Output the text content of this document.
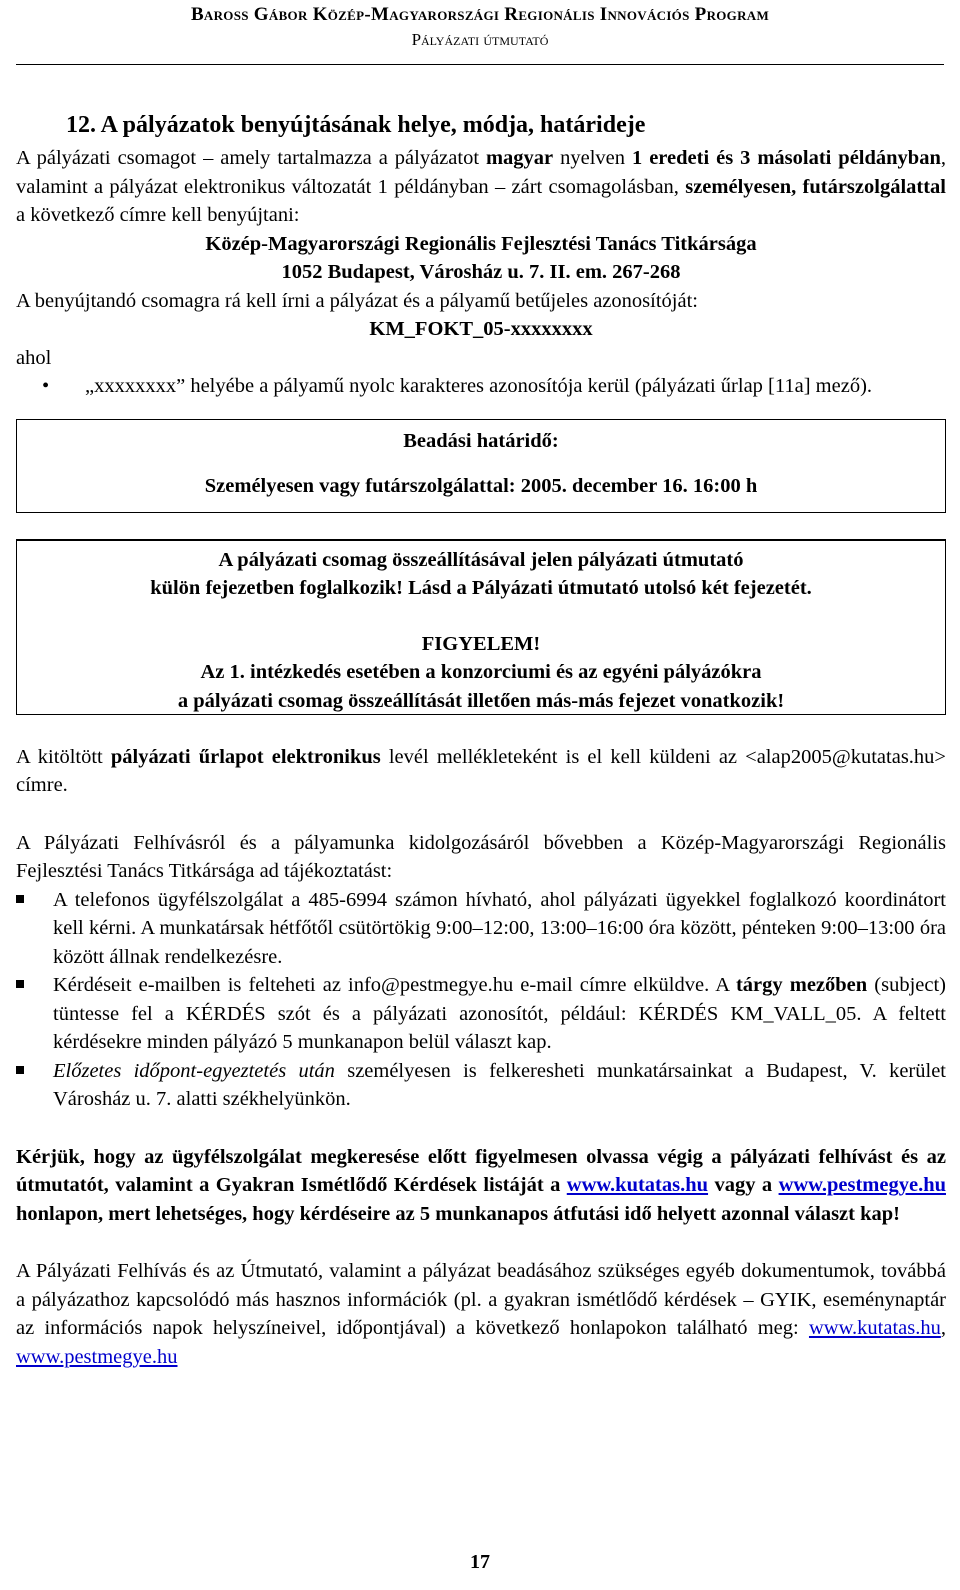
Baross Gábor Közép-Magyarországi Regionális Innovációs Program
Pályázati útmutató
12. A pályázatok benyújtásának helye, módja, határideje

A pályázati csomagot – amely tartalmazza a pályázatot magyar nyelven 1 eredeti és 3 másolati példányban, valamint a pályázat elektronikus változatát 1 példányban – zárt csomagolásban, személyesen, futárszolgálattal a következő címre kell benyújtani:

Közép-Magyarországi Regionális Fejlesztési Tanács Titkársága

1052 Budapest, Városház u. 7. II. em. 267-268

A benyújtandó csomagra rá kell írni a pályázat és a pályamű betűjeles azonosítóját:

KM_FOKT_05-xxxxxxxx

ahol

• „xxxxxxxx” helyébe a pályamű nyolc karakteres azonosítója kerül (pályázati űrlap [11a] mező).
Beadási határidő:
Személyesen vagy futárszolgálattal: 2005. december 16. 16:00 h
A pályázati csomag összeállításával jelen pályázati útmutató
külön fejezetben foglalkozik! Lásd a Pályázati útmutató utolsó két fejezetét.
FIGYELEM!
Az 1. intézkedés esetében a konzorciumi és az egyéni pályázókra
a pályázati csomag összeállítását illetően más-más fejezet vonatkozik!

A kitöltött pályázati űrlapot elektronikus levél mellékleteként is el kell küldeni az <alap2005@kutatas.hu> címre.

A Pályázati Felhívásról és a pályamunka kidolgozásáról bővebben a Közép-Magyarországi Regionális Fejlesztési Tanács Titkársága ad tájékoztatást:

A telefonos ügyfélszolgálat a 485-6994 számon hívható, ahol pályázati ügyekkel foglalkozó koordinátort kell kérni. A munkatársak hétfőtől csütörtökig 9:00–12:00, 13:00–16:00 óra között, pénteken 9:00–13:00 óra között állnak rendelkezésre.
Kérdéseit e-mailben is felteheti az info@pestmegye.hu e-mail címre elküldve. A tárgy mezőben (subject) tüntesse fel a KÉRDÉS szót és a pályázati azonosítót, például: KÉRDÉS KM_VALL_05. A feltett kérdésekre minden pályázó 5 munkanapon belül választ kap.
Előzetes időpont-egyeztetés után személyesen is felkeresheti munkatársainkat a Budapest, V. kerület Városház u. 7. alatti székhelyünkön.

Kérjük, hogy az ügyfélszolgálat megkeresése előtt figyelmesen olvassa végig a pályázati felhívást és az útmutatót, valamint a Gyakran Ismétlődő Kérdések listáját a www.kutatas.hu vagy a www.pestmegye.hu honlapon, mert lehetséges, hogy kérdéseire az 5 munkanapos átfutási idő helyett azonnal választ kap!

A Pályázati Felhívás és az Útmutató, valamint a pályázat beadásához szükséges egyéb dokumentumok, továbbá a pályázathoz kapcsolódó más hasznos információk (pl. a gyakran ismétlődő kérdések – GYIK, eseménynaptár az információs napok helyszíneivel, időpontjával) a következő honlapokon található meg: www.kutatas.hu, www.pestmegye.hu

17
